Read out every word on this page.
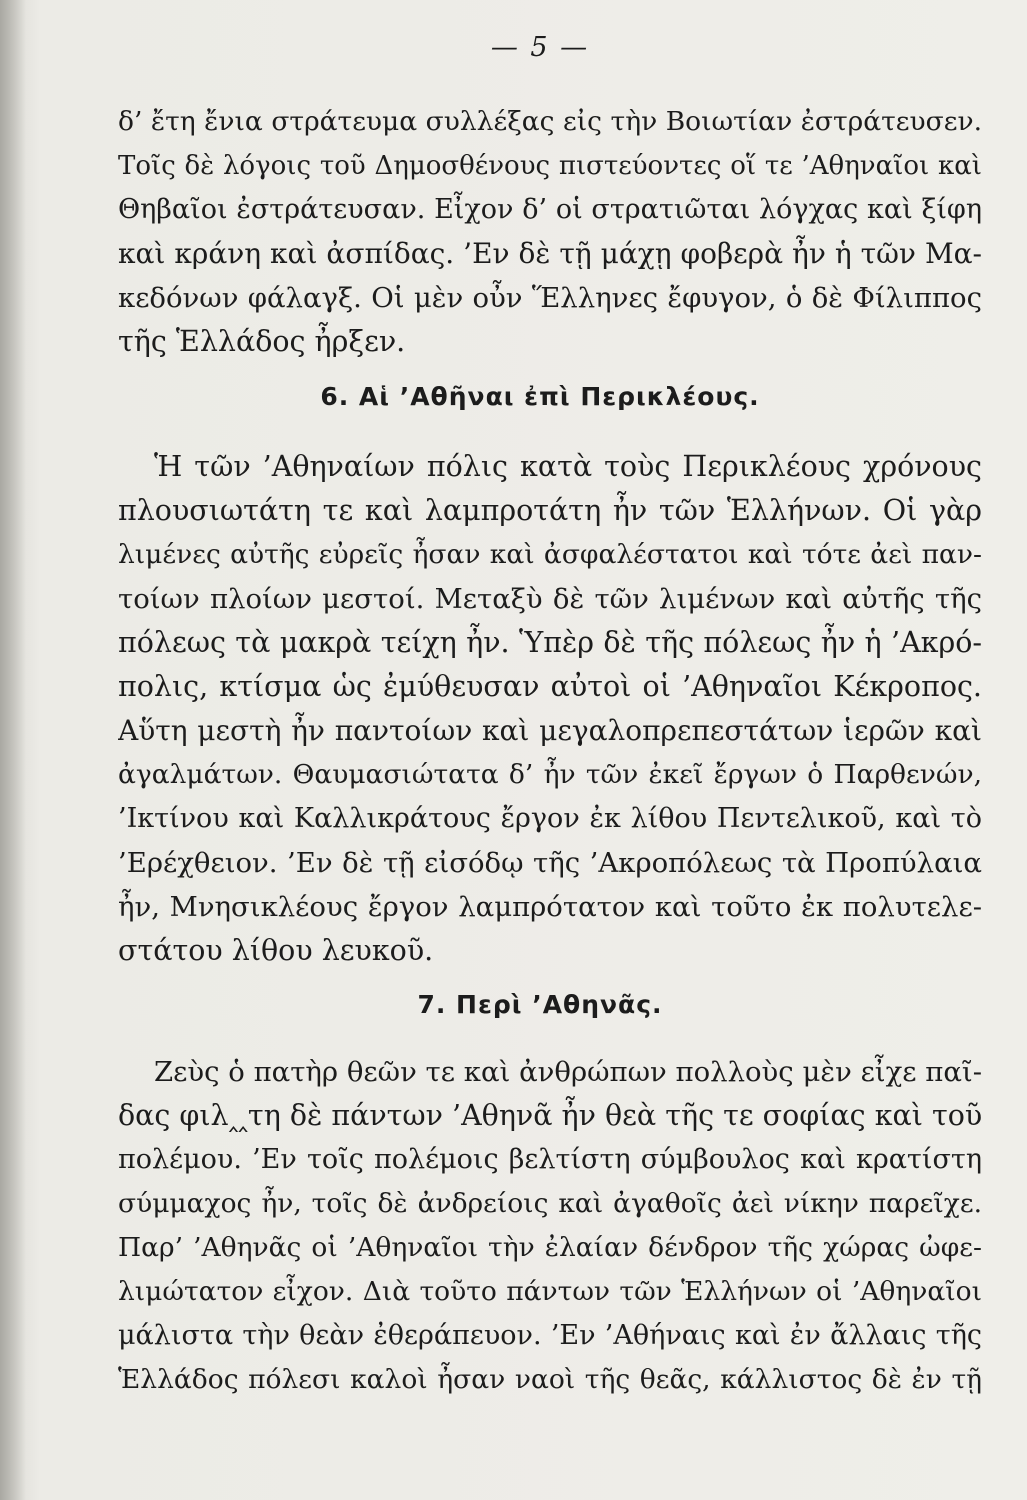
— 5 —
δ’ ἔτη ἔνια στράτευμα συλλέξας εἰς τὴν Βοιωτίαν ἐστράτευσεν.
Τοῖς δὲ λόγοις τοῦ Δημοσθένους πιστεύοντες οἵ τε ’Αθηναῖοι καὶ
Θηβαῖοι ἐστράτευσαν. Εἶχον δ’ οἱ στρατιῶται λόγχας καὶ ξίφη
καὶ κράνη καὶ ἀσπίδας. ’Εν δὲ τῇ μάχῃ φοβερὰ ἦν ἡ τῶν Μα-
κεδόνων φάλαγξ. Οἱ μὲν οὖν Ἕλληνες ἔφυγον, ὁ δὲ Φίλιππος
τῆς Ἑλλάδος ἦρξεν.
6. Αἱ ’Αθῆναι ἐπὶ Περικλέους.
Ἡ τῶν ’Αθηναίων πόλις κατὰ τοὺς Περικλέους χρόνους
πλουσιωτάτη τε καὶ λαμπροτάτη ἦν τῶν Ἑλλήνων. Οἱ γὰρ
λιμένες αὐτῆς εὐρεῖς ἦσαν καὶ ἀσφαλέστατοι καὶ τότε ἀεὶ παν-
τοίων πλοίων μεστοί. Μεταξὺ δὲ τῶν λιμένων καὶ αὐτῆς τῆς
πόλεως τὰ μακρὰ τείχη ἦν. Ὑπὲρ δὲ τῆς πόλεως ἦν ἡ ’Ακρό-
πολις, κτίσμα ὡς ἐμύθευσαν αὐτοὶ οἱ ’Αθηναῖοι Κέκροπος.
Αὕτη μεστὴ ἦν παντοίων καὶ μεγαλοπρεπεστάτων ἱερῶν καὶ
ἀγαλμάτων. Θαυμασιώτατα δ’ ἦν τῶν ἐκεῖ ἔργων ὁ Παρθενών,
’Ικτίνου καὶ Καλλικράτους ἔργον ἐκ λίθου Πεντελικοῦ, καὶ τὸ
’Ερέχθειον. ’Εν δὲ τῇ εἰσόδῳ τῆς ’Ακροπόλεως τὰ Προπύλαια
ἦν, Μνησικλέους ἔργον λαμπρότατον καὶ τοῦτο ἐκ πολυτελε-
στάτου λίθου λευκοῦ.
7. Περὶ ’Αθηνᾶς.
Ζεὺς ὁ πατὴρ θεῶν τε καὶ ἀνθρώπων πολλοὺς μὲν εἶχε παῖ-
δας φιλ‸‸τη δὲ πάντων ’Αθηνᾶ ἦν θεὰ τῆς τε σοφίας καὶ τοῦ
πολέμου. ’Εν τοῖς πολέμοις βελτίστη σύμβουλος καὶ κρατίστη
σύμμαχος ἦν, τοῖς δὲ ἀνδρείοις καὶ ἀγαθοῖς ἀεὶ νίκην παρεῖχε.
Παρ’ ’Αθηνᾶς οἱ ’Αθηναῖοι τὴν ἐλαίαν δένδρον τῆς χώρας ὠφε-
λιμώτατον εἶχον. Διὰ τοῦτο πάντων τῶν Ἑλλήνων οἱ ’Αθηναῖοι
μάλιστα τὴν θεὰν ἐθεράπευον. ’Εν ’Αθήναις καὶ ἐν ἄλλαις τῆς
Ἑλλάδος πόλεσι καλοὶ ἦσαν ναοὶ τῆς θεᾶς, κάλλιστος δὲ ἐν τῇ
